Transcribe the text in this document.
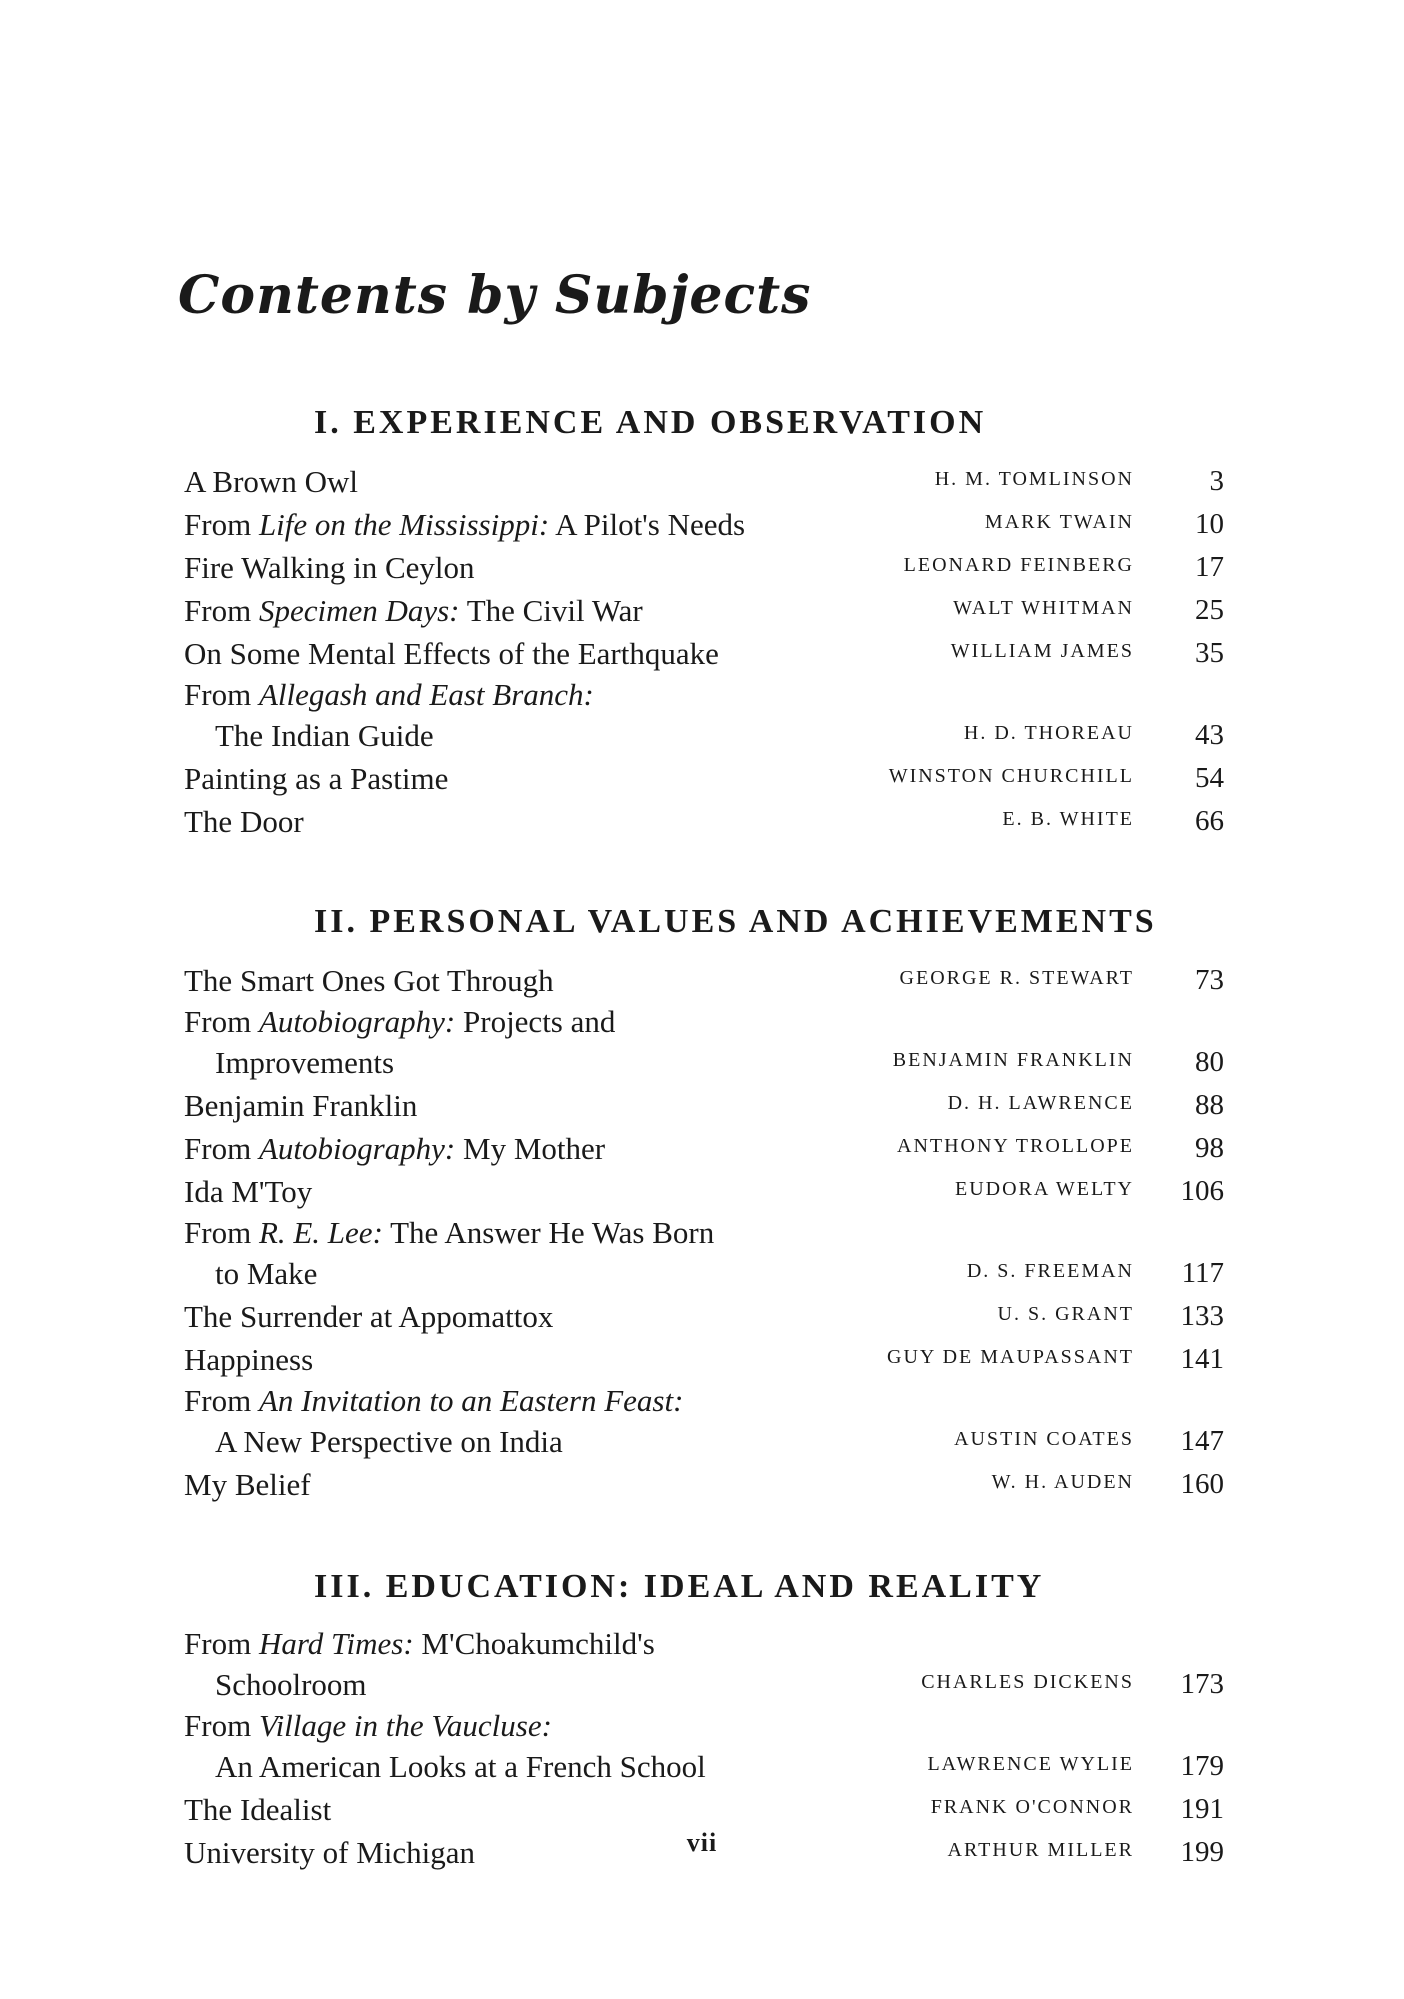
Contents by Subjects
I. EXPERIENCE AND OBSERVATION
A Brown Owl	H. M. TOMLINSON	3
From Life on the Mississippi: A Pilot's Needs	MARK TWAIN	10
Fire Walking in Ceylon	LEONARD FEINBERG	17
From Specimen Days: The Civil War	WALT WHITMAN	25
On Some Mental Effects of the Earthquake	WILLIAM JAMES	35
From Allegash and East Branch:
The Indian Guide	H. D. THOREAU	43
Painting as a Pastime	WINSTON CHURCHILL	54
The Door	E. B. WHITE	66
II. PERSONAL VALUES AND ACHIEVEMENTS
The Smart Ones Got Through	GEORGE R. STEWART	73
From Autobiography: Projects and
Improvements	BENJAMIN FRANKLIN	80
Benjamin Franklin	D. H. LAWRENCE	88
From Autobiography: My Mother	ANTHONY TROLLOPE	98
Ida M'Toy	EUDORA WELTY	106
From R. E. Lee: The Answer He Was Born
to Make	D. S. FREEMAN	117
The Surrender at Appomattox	U. S. GRANT	133
Happiness	GUY DE MAUPASSANT	141
From An Invitation to an Eastern Feast:
A New Perspective on India	AUSTIN COATES	147
My Belief	W. H. AUDEN	160
III. EDUCATION: IDEAL AND REALITY
From Hard Times: M'Choakumchild's
Schoolroom	CHARLES DICKENS	173
From Village in the Vaucluse:
An American Looks at a French School	LAWRENCE WYLIE	179
The Idealist	FRANK O'CONNOR	191
University of Michigan	ARTHUR MILLER	199
vii
